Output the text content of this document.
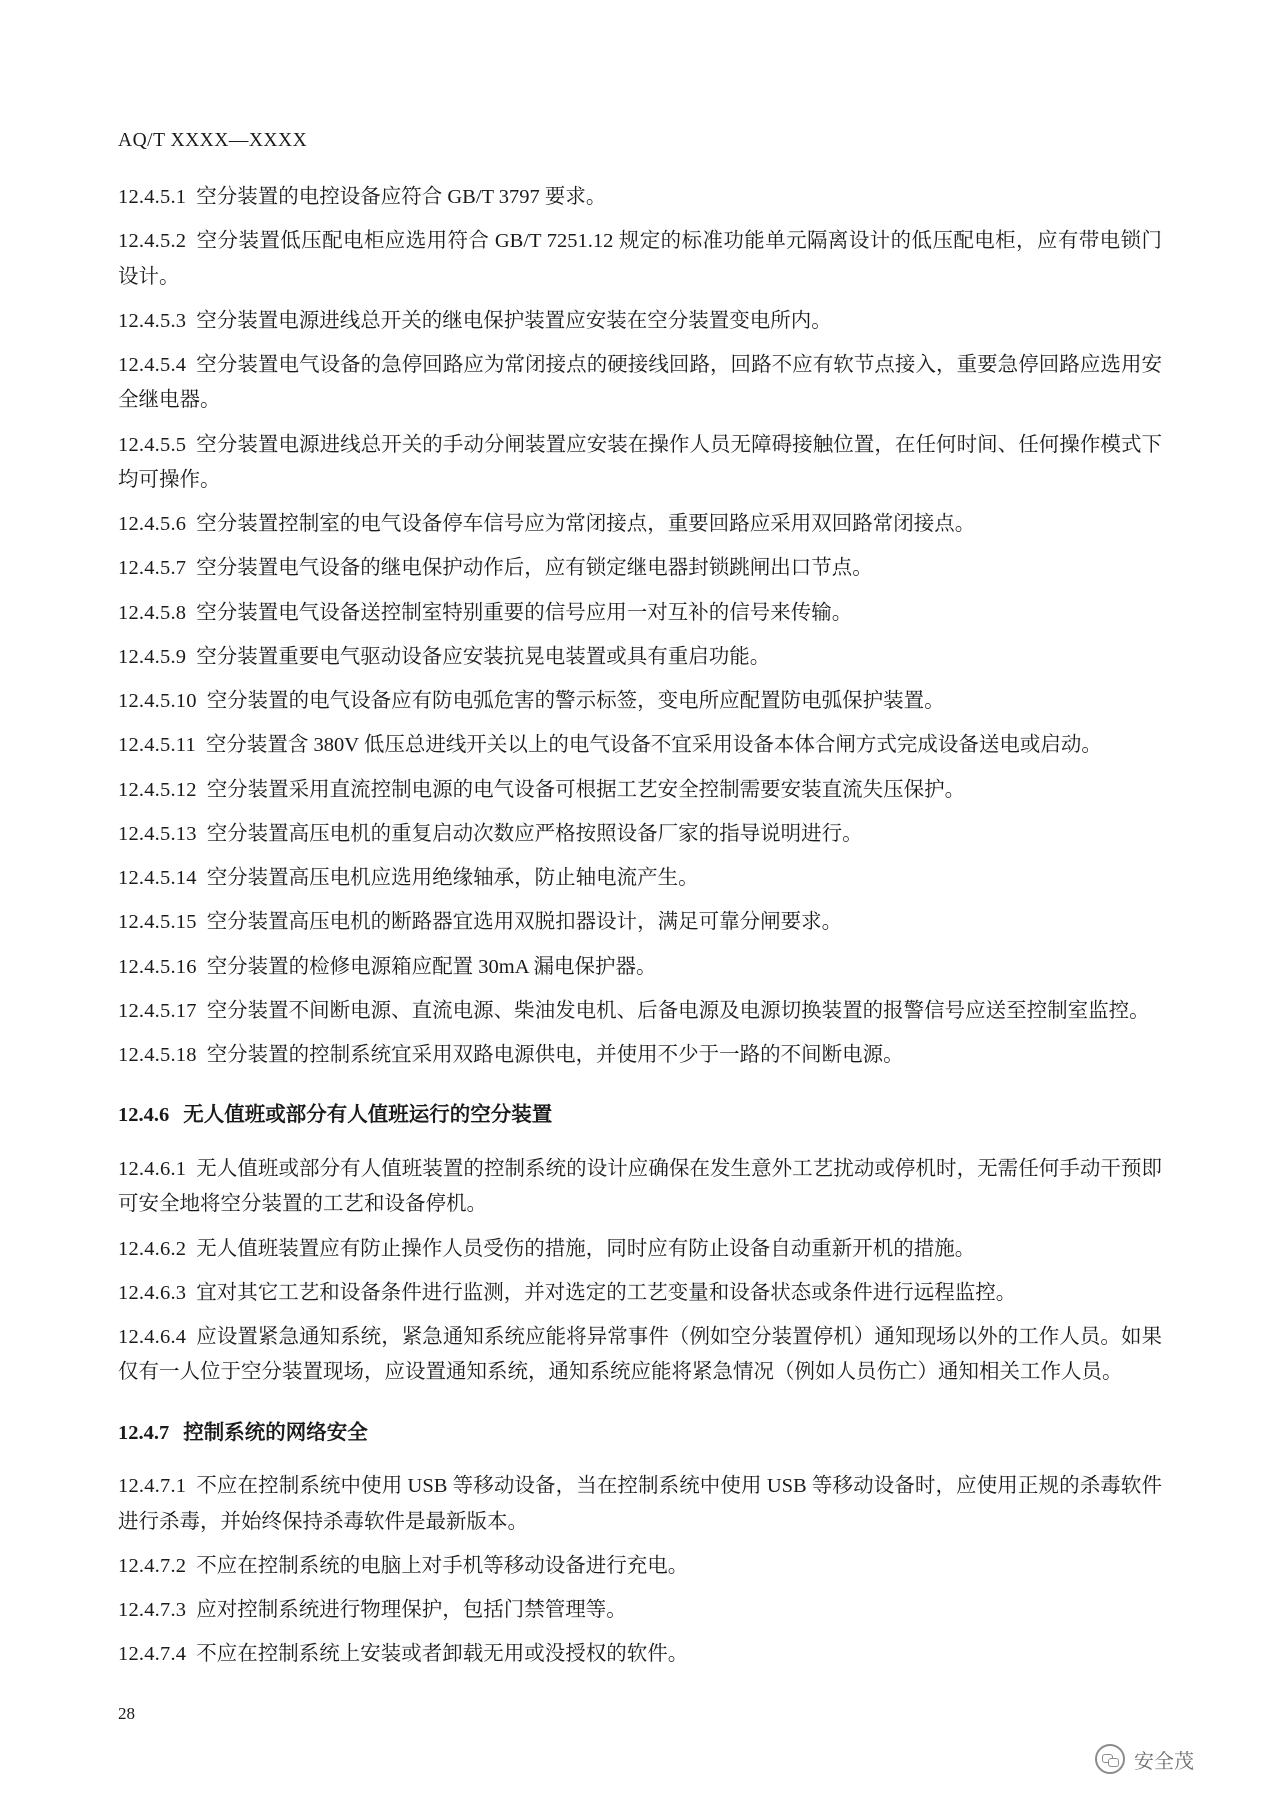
AQ/T XXXX—XXXX

12.4.5.1 空分装置的电控设备应符合 GB/T 3797 要求。

12.4.5.2 空分装置低压配电柜应选用符合 GB/T 7251.12 规定的标准功能单元隔离设计的低压配电柜，应有带电锁门设计。

12.4.5.3 空分装置电源进线总开关的继电保护装置应安装在空分装置变电所内。

12.4.5.4 空分装置电气设备的急停回路应为常闭接点的硬接线回路，回路不应有软节点接入，重要急停回路应选用安全继电器。

12.4.5.5 空分装置电源进线总开关的手动分闸装置应安装在操作人员无障碍接触位置，在任何时间、任何操作模式下均可操作。

12.4.5.6 空分装置控制室的电气设备停车信号应为常闭接点，重要回路应采用双回路常闭接点。

12.4.5.7 空分装置电气设备的继电保护动作后，应有锁定继电器封锁跳闸出口节点。

12.4.5.8 空分装置电气设备送控制室特别重要的信号应用一对互补的信号来传输。

12.4.5.9 空分装置重要电气驱动设备应安装抗晃电装置或具有重启功能。

12.4.5.10 空分装置的电气设备应有防电弧危害的警示标签，变电所应配置防电弧保护装置。

12.4.5.11 空分装置含 380V 低压总进线开关以上的电气设备不宜采用设备本体合闸方式完成设备送电或启动。

12.4.5.12 空分装置采用直流控制电源的电气设备可根据工艺安全控制需要安装直流失压保护。

12.4.5.13 空分装置高压电机的重复启动次数应严格按照设备厂家的指导说明进行。

12.4.5.14 空分装置高压电机应选用绝缘轴承，防止轴电流产生。

12.4.5.15 空分装置高压电机的断路器宜选用双脱扣器设计，满足可靠分闸要求。

12.4.5.16 空分装置的检修电源箱应配置 30mA 漏电保护器。

12.4.5.17 空分装置不间断电源、直流电源、柴油发电机、后备电源及电源切换装置的报警信号应送至控制室监控。

12.4.5.18 空分装置的控制系统宜采用双路电源供电，并使用不少于一路的不间断电源。

12.4.6 无人值班或部分有人值班运行的空分装置

12.4.6.1 无人值班或部分有人值班装置的控制系统的设计应确保在发生意外工艺扰动或停机时，无需任何手动干预即可安全地将空分装置的工艺和设备停机。

12.4.6.2 无人值班装置应有防止操作人员受伤的措施，同时应有防止设备自动重新开机的措施。

12.4.6.3 宜对其它工艺和设备条件进行监测，并对选定的工艺变量和设备状态或条件进行远程监控。

12.4.6.4 应设置紧急通知系统，紧急通知系统应能将异常事件（例如空分装置停机）通知现场以外的工作人员。如果仅有一人位于空分装置现场，应设置通知系统，通知系统应能将紧急情况（例如人员伤亡）通知相关工作人员。

12.4.7 控制系统的网络安全

12.4.7.1 不应在控制系统中使用 USB 等移动设备，当在控制系统中使用 USB 等移动设备时，应使用正规的杀毒软件进行杀毒，并始终保持杀毒软件是最新版本。

12.4.7.2 不应在控制系统的电脑上对手机等移动设备进行充电。

12.4.7.3 应对控制系统进行物理保护，包括门禁管理等。

12.4.7.4 不应在控制系统上安装或者卸载无用或没授权的软件。

28
安全茂
